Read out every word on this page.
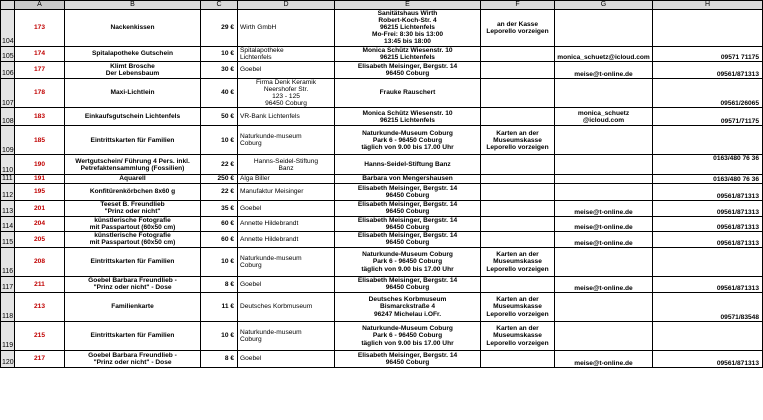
	A	B	C	D	E	F	G	H
104	173	Nackenkissen	29 €	Wirth GmbH	Sanitätshaus Wirth
Robert-Koch-Str. 4
96215 Lichtenfels
Mo-Frei: 8:30 bis 13:00
13:45 bis 18:00	an der Kasse
Leporello vorzeigen		

105	174	Spitalapotheke Gutschein	10 €	Spitalapotheke
Lichtenfels	Monica Schütz Wiesenstr. 10
96215 Lichtenfels		monica_schuetz@icloud.com	09571 71175

106	177	Klimt Brosche
Der Lebensbaum	30 €	Goebel	Elisabeth Meisinger, Bergstr. 14
96450 Coburg		meise@t-online.de	09561/871313

107	178	Maxi-Lichtlein	40 €	Firma Denk Keramik
Neershofer Str.
123 - 125
96450 Coburg	Frauke Rauschert			09561/26065

108	183	Einkaufsgutschein Lichtenfels	50 €	VR-Bank Lichtenfels	Monica Schütz Wiesenstr. 10
96215 Lichtenfels		monica_schuetz
@icloud.com	09571/71175

109	185	Eintrittskarten für Familien	10 €	Naturkunde-museum
Coburg	Naturkunde-Museum Coburg
Park 6 - 96450 Coburg
täglich von 9.00 bis 17.00 Uhr	Karten an der
Museumskasse
Leporello vorzeigen		

110	190	Wertgutschein/ Führung 4 Pers. inkl.
Petrefaktensammlung (Fossilien)	22 €	Hanns-Seidel-Stiftung
Banz	Hanns-Seidel-Stiftung Banz			0163/480 76 36

111	191	Aquarell	250 €	Alga Biller	Barbara von Mengershausen			0163/480 76 36

112	195	Konfitürenkörbchen 8x60 g	22 €	Manufaktur Meisinger	Elisabeth Meisinger, Bergstr. 14
96450 Coburg			09561/871313

113	201	Teeset B. Freundlieb
"Prinz oder nicht"	35 €	Goebel	Elisabeth Meisinger, Bergstr. 14
96450 Coburg		meise@t-online.de	09561/871313

114	204	künstlerische Fotografie
mit Passpartout (60x50 cm)	60 €	Annette Hildebrandt	Elisabeth Meisinger, Bergstr. 14
96450 Coburg		meise@t-online.de	09561/871313

115	205	künstlerische Fotografie
mit Passpartout (60x50 cm)	60 €	Annette Hildebrandt	Elisabeth Meisinger, Bergstr. 14
96450 Coburg		meise@t-online.de	09561/871313

116	208	Eintrittskarten für Familien	10 €	Naturkunde-museum
Coburg	Naturkunde-Museum Coburg
Park 6 - 96450 Coburg
täglich von 9.00 bis 17.00 Uhr	Karten an der
Museumskasse
Leporello vorzeigen		

117	211	Goebel Barbara Freundlieb -
"Prinz oder nicht" - Dose	8 €	Goebel	Elisabeth Meisinger, Bergstr. 14
96450 Coburg		meise@t-online.de	09561/871313

118	213	Familienkarte	11 €	Deutsches Korbmuseum	Deutsches Korbmuseum
Bismarckstraße 4
96247 Michelau i.OFr.	Karten an der
Museumskasse
Leporello vorzeigen		09571/83548

119	215	Eintrittskarten für Familien	10 €	Naturkunde-museum
Coburg	Naturkunde-Museum Coburg
Park 6 - 96450 Coburg
täglich von 9.00 bis 17.00 Uhr	Karten an der
Museumskasse
Leporello vorzeigen		

120	217	Goebel Barbara Freundlieb -
"Prinz oder nicht" - Dose	8 €	Goebel	Elisabeth Meisinger, Bergstr. 14
96450 Coburg		meise@t-online.de	09561/871313
